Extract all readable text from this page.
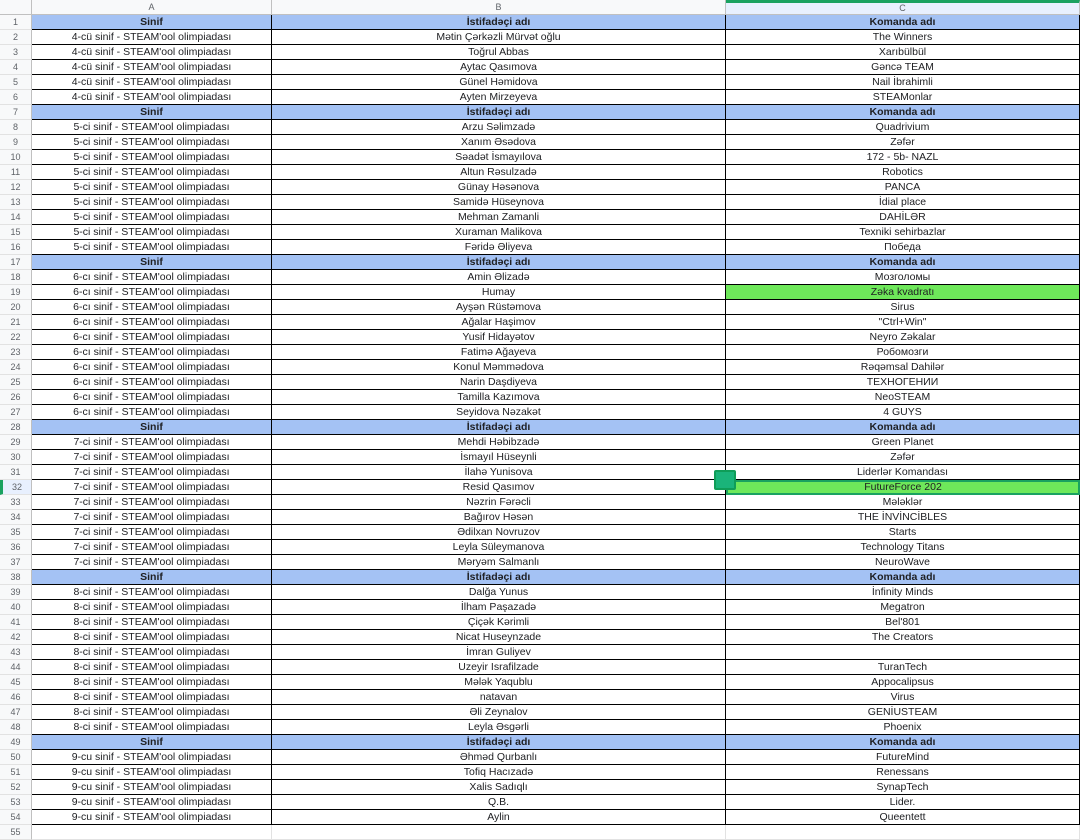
A	B	C
1	Sinif	İstifadəçi adı	Komanda adı
2	4-cü sinif - STEAM'ool olimpiadası	Mətin Çərkəzli Mürvət oğlu	The Winners
3	4-cü sinif - STEAM'ool olimpiadası	Toğrul Abbas	Xarıbülbül
4	4-cü sinif - STEAM'ool olimpiadası	Aytac Qasımova	Gəncə TEAM
5	4-cü sinif - STEAM'ool olimpiadası	Günel Həmidova	Nail İbrahimli
6	4-cü sinif - STEAM'ool olimpiadası	Ayten Mirzeyeva	STEAMonlar
7	Sinif	İstifadəçi adı	Komanda adı
8	5-ci sinif - STEAM'ool olimpiadası	Arzu Səlimzadə	Quadrivium
9	5-ci sinif - STEAM'ool olimpiadası	Xanım Əsədova	Zəfər
10	5-ci sinif - STEAM'ool olimpiadası	Səadət İsmayılova	172 - 5b- NAZL
11	5-ci sinif - STEAM'ool olimpiadası	Altun Rəsulzadə	Robotics
12	5-ci sinif - STEAM'ool olimpiadası	Günay Həsənova	PANCA
13	5-ci sinif - STEAM'ool olimpiadası	Samidə Hüseynova	İdial place
14	5-ci sinif - STEAM'ool olimpiadası	Mehman Zamanli	DAHİLƏR
15	5-ci sinif - STEAM'ool olimpiadası	Xuraman Malikova	Texniki sehirbazlar
16	5-ci sinif - STEAM'ool olimpiadası	Fəridə Əliyeva	Победа
17	Sinif	İstifadəçi adı	Komanda adı
18	6-cı sinif - STEAM'ool olimpiadası	Amin Əlizadə	Мозголомы
19	6-cı sinif - STEAM'ool olimpiadası	Humay	Zəka kvadratı
20	6-cı sinif - STEAM'ool olimpiadası	Ayşən Rüstəmova	Sirus
21	6-cı sinif - STEAM'ool olimpiadası	Ağalar Haşimov	"Ctrl+Win"
22	6-cı sinif - STEAM'ool olimpiadası	Yusif Hidayətov	Neyro Zəkalar
23	6-cı sinif - STEAM'ool olimpiadası	Fatimə Ağayeva	Робомозги
24	6-cı sinif - STEAM'ool olimpiadası	Konul Məmmədova	Rəqəmsal Dahilər
25	6-cı sinif - STEAM'ool olimpiadası	Narin Daşdiyeva	ТЕХНОГЕНИИ
26	6-cı sinif - STEAM'ool olimpiadası	Tamilla Kazımova	NeoSTEAM
27	6-cı sinif - STEAM'ool olimpiadası	Seyidova Nəzakət	4 GUYS
28	Sinif	İstifadəçi adı	Komanda adı
29	7-ci sinif - STEAM'ool olimpiadası	Mehdi Həbibzadə	Green Planet
30	7-ci sinif - STEAM'ool olimpiadası	İsmayıl Hüseynli	Zəfər
31	7-ci sinif - STEAM'ool olimpiadası	İlahə Yunisova	Liderlər Komandası
32	7-ci sinif - STEAM'ool olimpiadası	Resid Qasımov	FutureForce 202
33	7-ci sinif - STEAM'ool olimpiadası	Nəzrin Fərəcli	Mələklər
34	7-ci sinif - STEAM'ool olimpiadası	Bağırov Həsən	THE İNVİNCİBLES
35	7-ci sinif - STEAM'ool olimpiadası	Ədilxan Novruzov	Starts
36	7-ci sinif - STEAM'ool olimpiadası	Leyla Süleymanova	Technology Titans
37	7-ci sinif - STEAM'ool olimpiadası	Məryəm Salmanlı	NeuroWave
38	Sinif	İstifadəçi adı	Komanda adı
39	8-ci sinif - STEAM'ool olimpiadası	Dalğa Yunus	İnfinity Minds
40	8-ci sinif - STEAM'ool olimpiadası	İlham Paşazadə	Megatron
41	8-ci sinif - STEAM'ool olimpiadası	Çiçək Kərimli	Bel'801
42	8-ci sinif - STEAM'ool olimpiadası	Nicat Huseynzade	The Creators
43	8-ci sinif - STEAM'ool olimpiadası	İmran Guliyev
44	8-ci sinif - STEAM'ool olimpiadası	Uzeyir Israfilzade	TuranTech
45	8-ci sinif - STEAM'ool olimpiadası	Mələk Yaqublu	Appocalipsus
46	8-ci sinif - STEAM'ool olimpiadası	natavan	Virus
47	8-ci sinif - STEAM'ool olimpiadası	Əli Zeynalov	GENİUSTEAM
48	8-ci sinif - STEAM'ool olimpiadası	Leyla Əsgərli	Phoenix
49	Sinif	İstifadəçi adı	Komanda adı
50	9-cu sinif - STEAM'ool olimpiadası	Əhməd Qurbanlı	FutureMind
51	9-cu sinif - STEAM'ool olimpiadası	Tofiq Hacızadə	Renessans
52	9-cu sinif - STEAM'ool olimpiadası	Xalis Sadıqlı	SynapTech
53	9-cu sinif - STEAM'ool olimpiadası	Q.B.	Lider.
54	9-cu sinif - STEAM'ool olimpiadası	Aylin	Queentett
55
